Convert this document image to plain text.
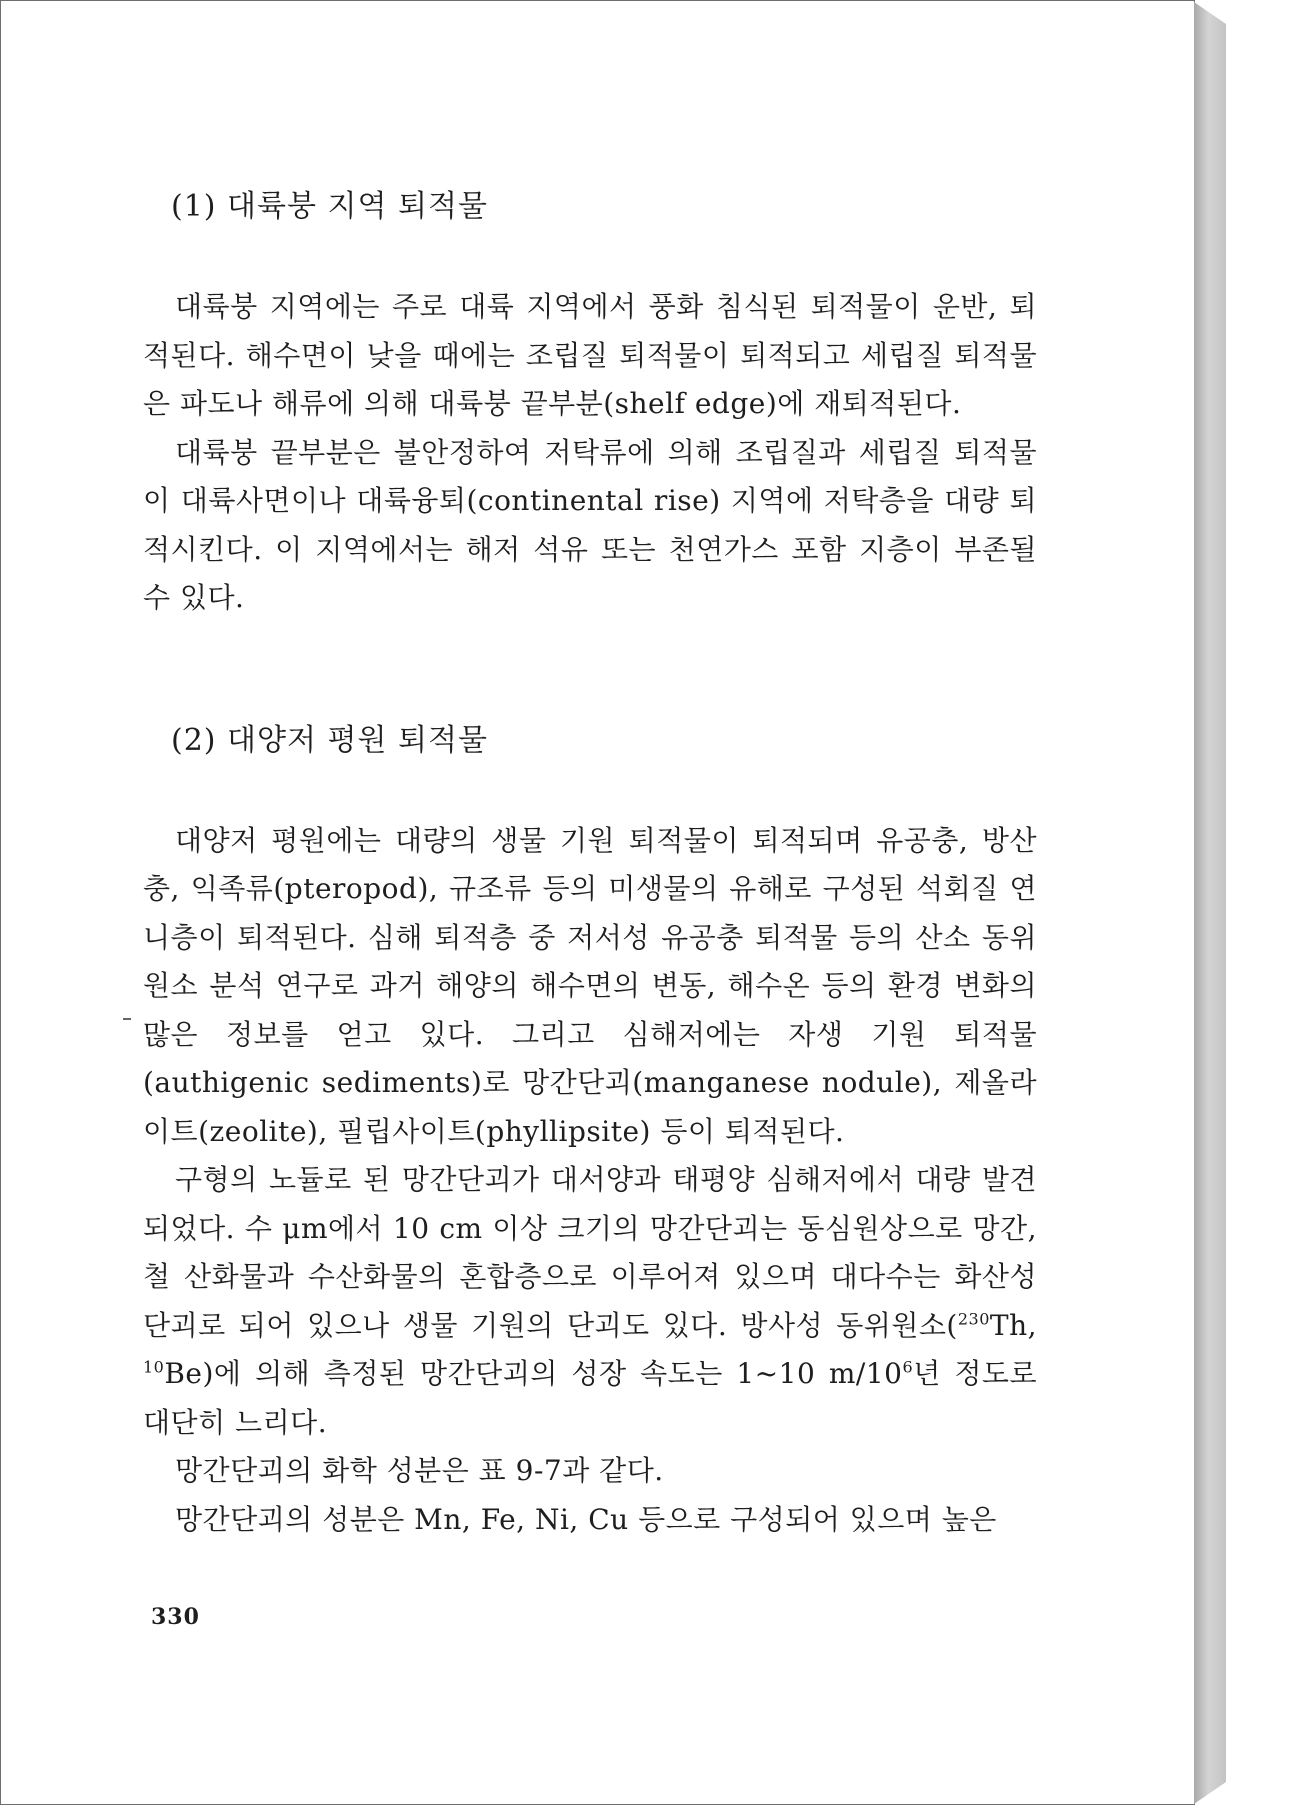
(1) 대륙붕 지역 퇴적물

대륙붕 지역에는 주로 대륙 지역에서 풍화 침식된 퇴적물이 운반, 퇴적된다. 해수면이 낮을 때에는 조립질 퇴적물이 퇴적되고 세립질 퇴적물은 파도나 해류에 의해 대륙붕 끝부분(shelf edge)에 재퇴적된다.

대륙붕 끝부분은 불안정하여 저탁류에 의해 조립질과 세립질 퇴적물이 대륙사면이나 대륙융퇴(continental rise) 지역에 저탁층을 대량 퇴적시킨다. 이 지역에서는 해저 석유 또는 천연가스 포함 지층이 부존될 수 있다.

(2) 대양저 평원 퇴적물

대양저 평원에는 대량의 생물 기원 퇴적물이 퇴적되며 유공충, 방산충, 익족류(pteropod), 규조류 등의 미생물의 유해로 구성된 석회질 연니층이 퇴적된다. 심해 퇴적층 중 저서성 유공충 퇴적물 등의 산소 동위원소 분석 연구로 과거 해양의 해수면의 변동, 해수온 등의 환경 변화의 많은 정보를 얻고 있다. 그리고 심해저에는 자생 기원 퇴적물(authigenic sediments)로 망간단괴(manganese nodule), 제올라이트(zeolite), 필립사이트(phyllipsite) 등이 퇴적된다.

구형의 노듈로 된 망간단괴가 대서양과 태평양 심해저에서 대량 발견되었다. 수 μm에서 10 cm 이상 크기의 망간단괴는 동심원상으로 망간, 철 산화물과 수산화물의 혼합층으로 이루어져 있으며 대다수는 화산성 단괴로 되어 있으나 생물 기원의 단괴도 있다. 방사성 동위원소($^{230}$Th, $^{10}$Be)에 의해 측정된 망간단괴의 성장 속도는 1~10 $m/10^6$년 정도로 대단히 느리다.

망간단괴의 화학 성분은 표 9-7과 같다.

망간단괴의 성분은 Mn, Fe, Ni, Cu 등으로 구성되어 있으며 높은

330
